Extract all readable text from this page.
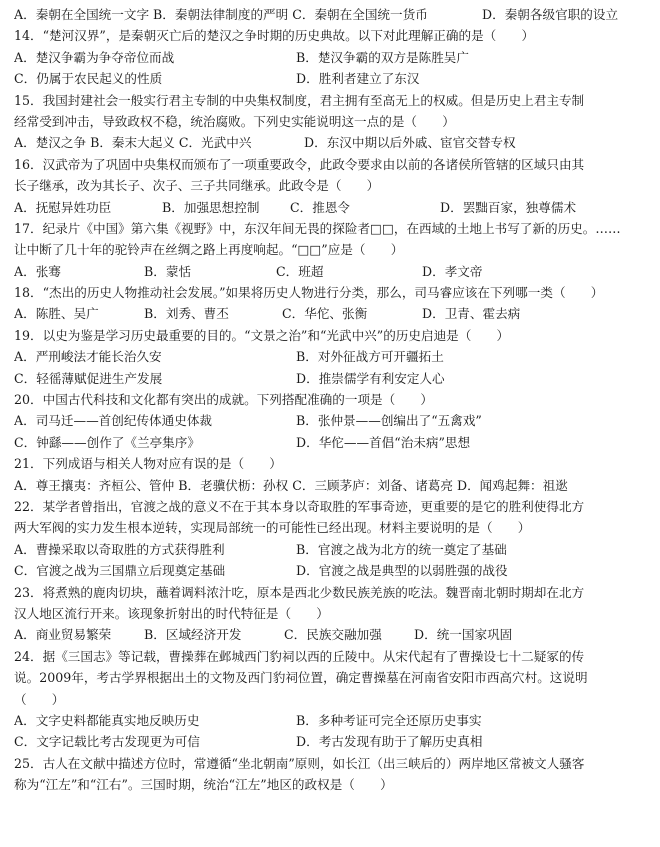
A．秦朝在全国统一文字 B．秦朝法律制度的严明 C．秦朝在全国统一货币	D．秦朝各级官职的设立
14．“楚河汉界”，是秦朝灭亡后的楚汉之争时期的历史典故。以下对此理解正确的是（　　）
A．楚汉争霸为争夺帝位而战	B．楚汉争霸的双方是陈胜吴广
C．仍属于农民起义的性质	D．胜利者建立了东汉
15．我国封建社会一般实行君主专制的中央集权制度，君主拥有至高无上的权威。但是历史上君主专制
经常受到冲击，导致政权不稳，统治腐败。下列史实能说明这一点的是（　　）
A．楚汉之争 B．秦末大起义 C．光武中兴	D．东汉中期以后外戚、宦官交替专权
16．汉武帝为了巩固中央集权而颁布了一项重要政令，此政令要求由以前的各诸侯所管辖的区域只由其
长子继承，改为其长子、次子、三子共同继承。此政令是（　　）
A．抚慰异姓功臣	B．加强思想控制	C．推恩令	D．罢黜百家，独尊儒术
17．纪录片《中国》第六集《视野》中，东汉年间无畏的探险者□□，在西域的土地上书写了新的历史。……
让中断了几十年的驼铃声在丝绸之路上再度响起。“□□”应是（　　）
A．张骞	B．蒙恬	C．班超	D．孝文帝
18．“杰出的历史人物推动社会发展。”如果将历史人物进行分类，那么，司马睿应该在下列哪一类（　　）
A．陈胜、吴广	B．刘秀、曹丕	C．华佗、张衡	D．卫青、霍去病
19．以史为鉴是学习历史最重要的目的。“文景之治”和“光武中兴”的历史启迪是（　　）
A．严刑峻法才能长治久安	B．对外征战方可开疆拓土
C．轻徭薄赋促进生产发展	D．推崇儒学有利安定人心
20．中国古代科技和文化都有突出的成就。下列搭配准确的一项是（　　）
A．司马迁——首创纪传体通史体裁	B．张仲景——创编出了“五禽戏”
C．钟繇——创作了《兰亭集序》	D．华佗——首倡“治未病”思想
21．下列成语与相关人物对应有误的是（　　）
A．尊王攘夷：齐桓公、管仲 B．老骥伏枥：孙权 C．三顾茅庐：刘备、诸葛亮 D．闻鸡起舞：祖逖
22．某学者曾指出，官渡之战的意义不在于其本身以奇取胜的军事奇迹，更重要的是它的胜利使得北方
两大军阀的实力发生根本逆转，实现局部统一的可能性已经出现。材料主要说明的是（　　）
A．曹操采取以奇取胜的方式获得胜利	B．官渡之战为北方的统一奠定了基础
C．官渡之战为三国鼎立后现奠定基础	D．官渡之战是典型的以弱胜强的战役
23．将煮熟的鹿肉切块，蘸着调料浓汁吃，原本是西北少数民族羌族的吃法。魏晋南北朝时期却在北方
汉人地区流行开来。该现象折射出的时代特征是（　　）
A．商业贸易繁荣	B．区域经济开发	C．民族交融加强	D．统一国家巩固
24．据《三国志》等记载，曹操葬在邺城西门豹祠以西的丘陵中。从宋代起有了曹操设七十二疑冢的传
说。2009年，考古学界根据出土的文物及西门豹祠位置，确定曹操墓在河南省安阳市西高穴村。这说明
（　　）
A．文字史料都能真实地反映历史	B．多种考证可完全还原历史事实
C．文字记载比考古发现更为可信	D．考古发现有助于了解历史真相
25．古人在文献中描述方位时，常遵循“坐北朝南”原则，如长江（出三峡后的）两岸地区常被文人骚客
称为“江左”和“江右”。三国时期，统治“江左”地区的政权是（　　）
